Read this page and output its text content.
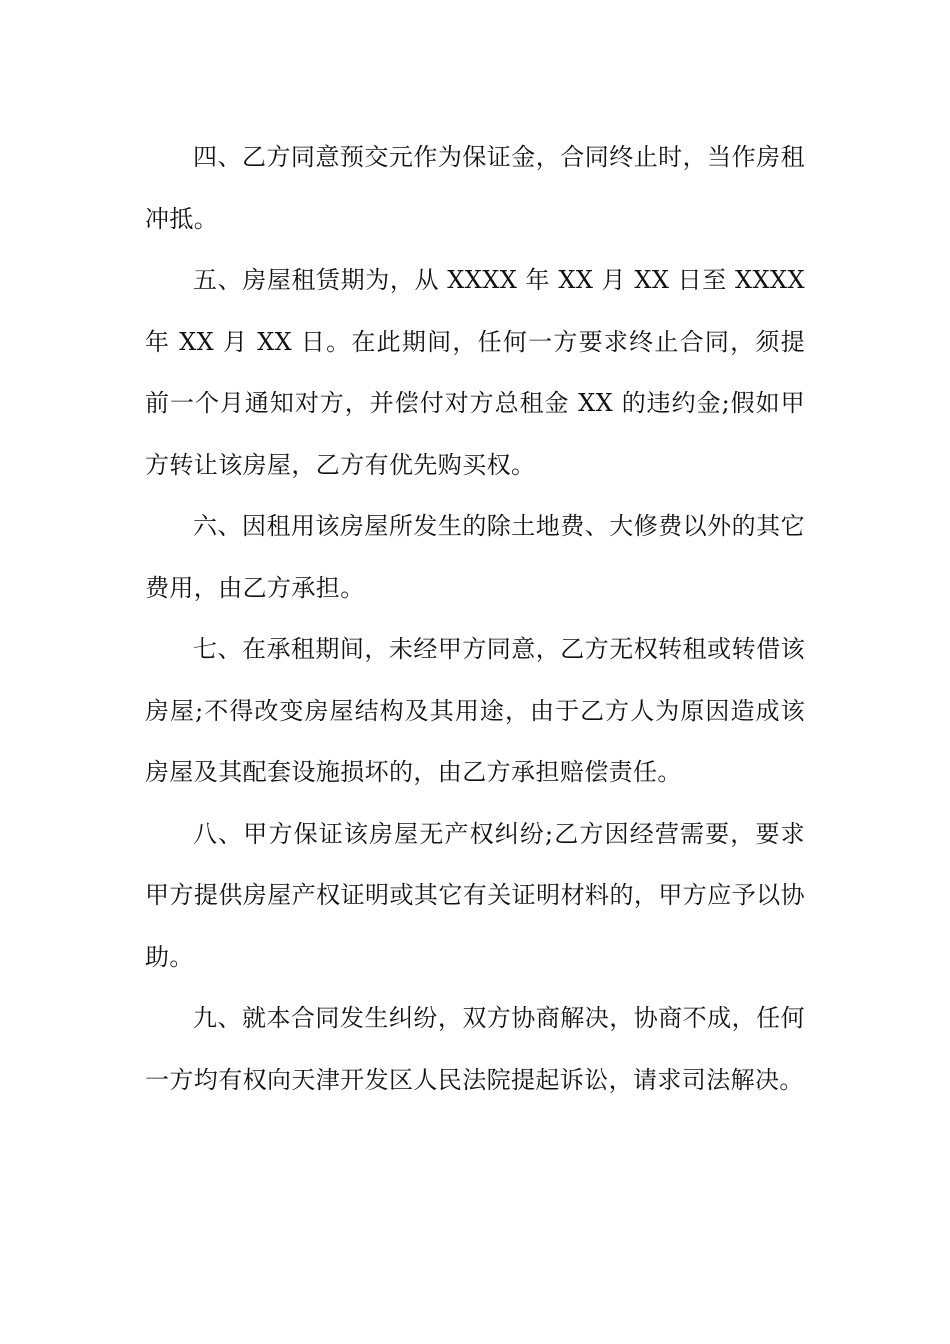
四、乙方同意预交元作为保证金，合同终止时，当作房租冲抵。

五、房屋租赁期为，从 XXXX 年 XX 月 XX 日至 XXXX 年 XX 月 XX 日。在此期间，任何一方要求终止合同，须提前一个月通知对方，并偿付对方总租金 XX 的违约金;假如甲方转让该房屋，乙方有优先购买权。

六、因租用该房屋所发生的除土地费、大修费以外的其它费用，由乙方承担。

七、在承租期间，未经甲方同意，乙方无权转租或转借该房屋;不得改变房屋结构及其用途，由于乙方人为原因造成该房屋及其配套设施损坏的，由乙方承担赔偿责任。

八、甲方保证该房屋无产权纠纷;乙方因经营需要，要求甲方提供房屋产权证明或其它有关证明材料的，甲方应予以协助。

九、就本合同发生纠纷，双方协商解决，协商不成，任何一方均有权向天津开发区人民法院提起诉讼，请求司法解决。
